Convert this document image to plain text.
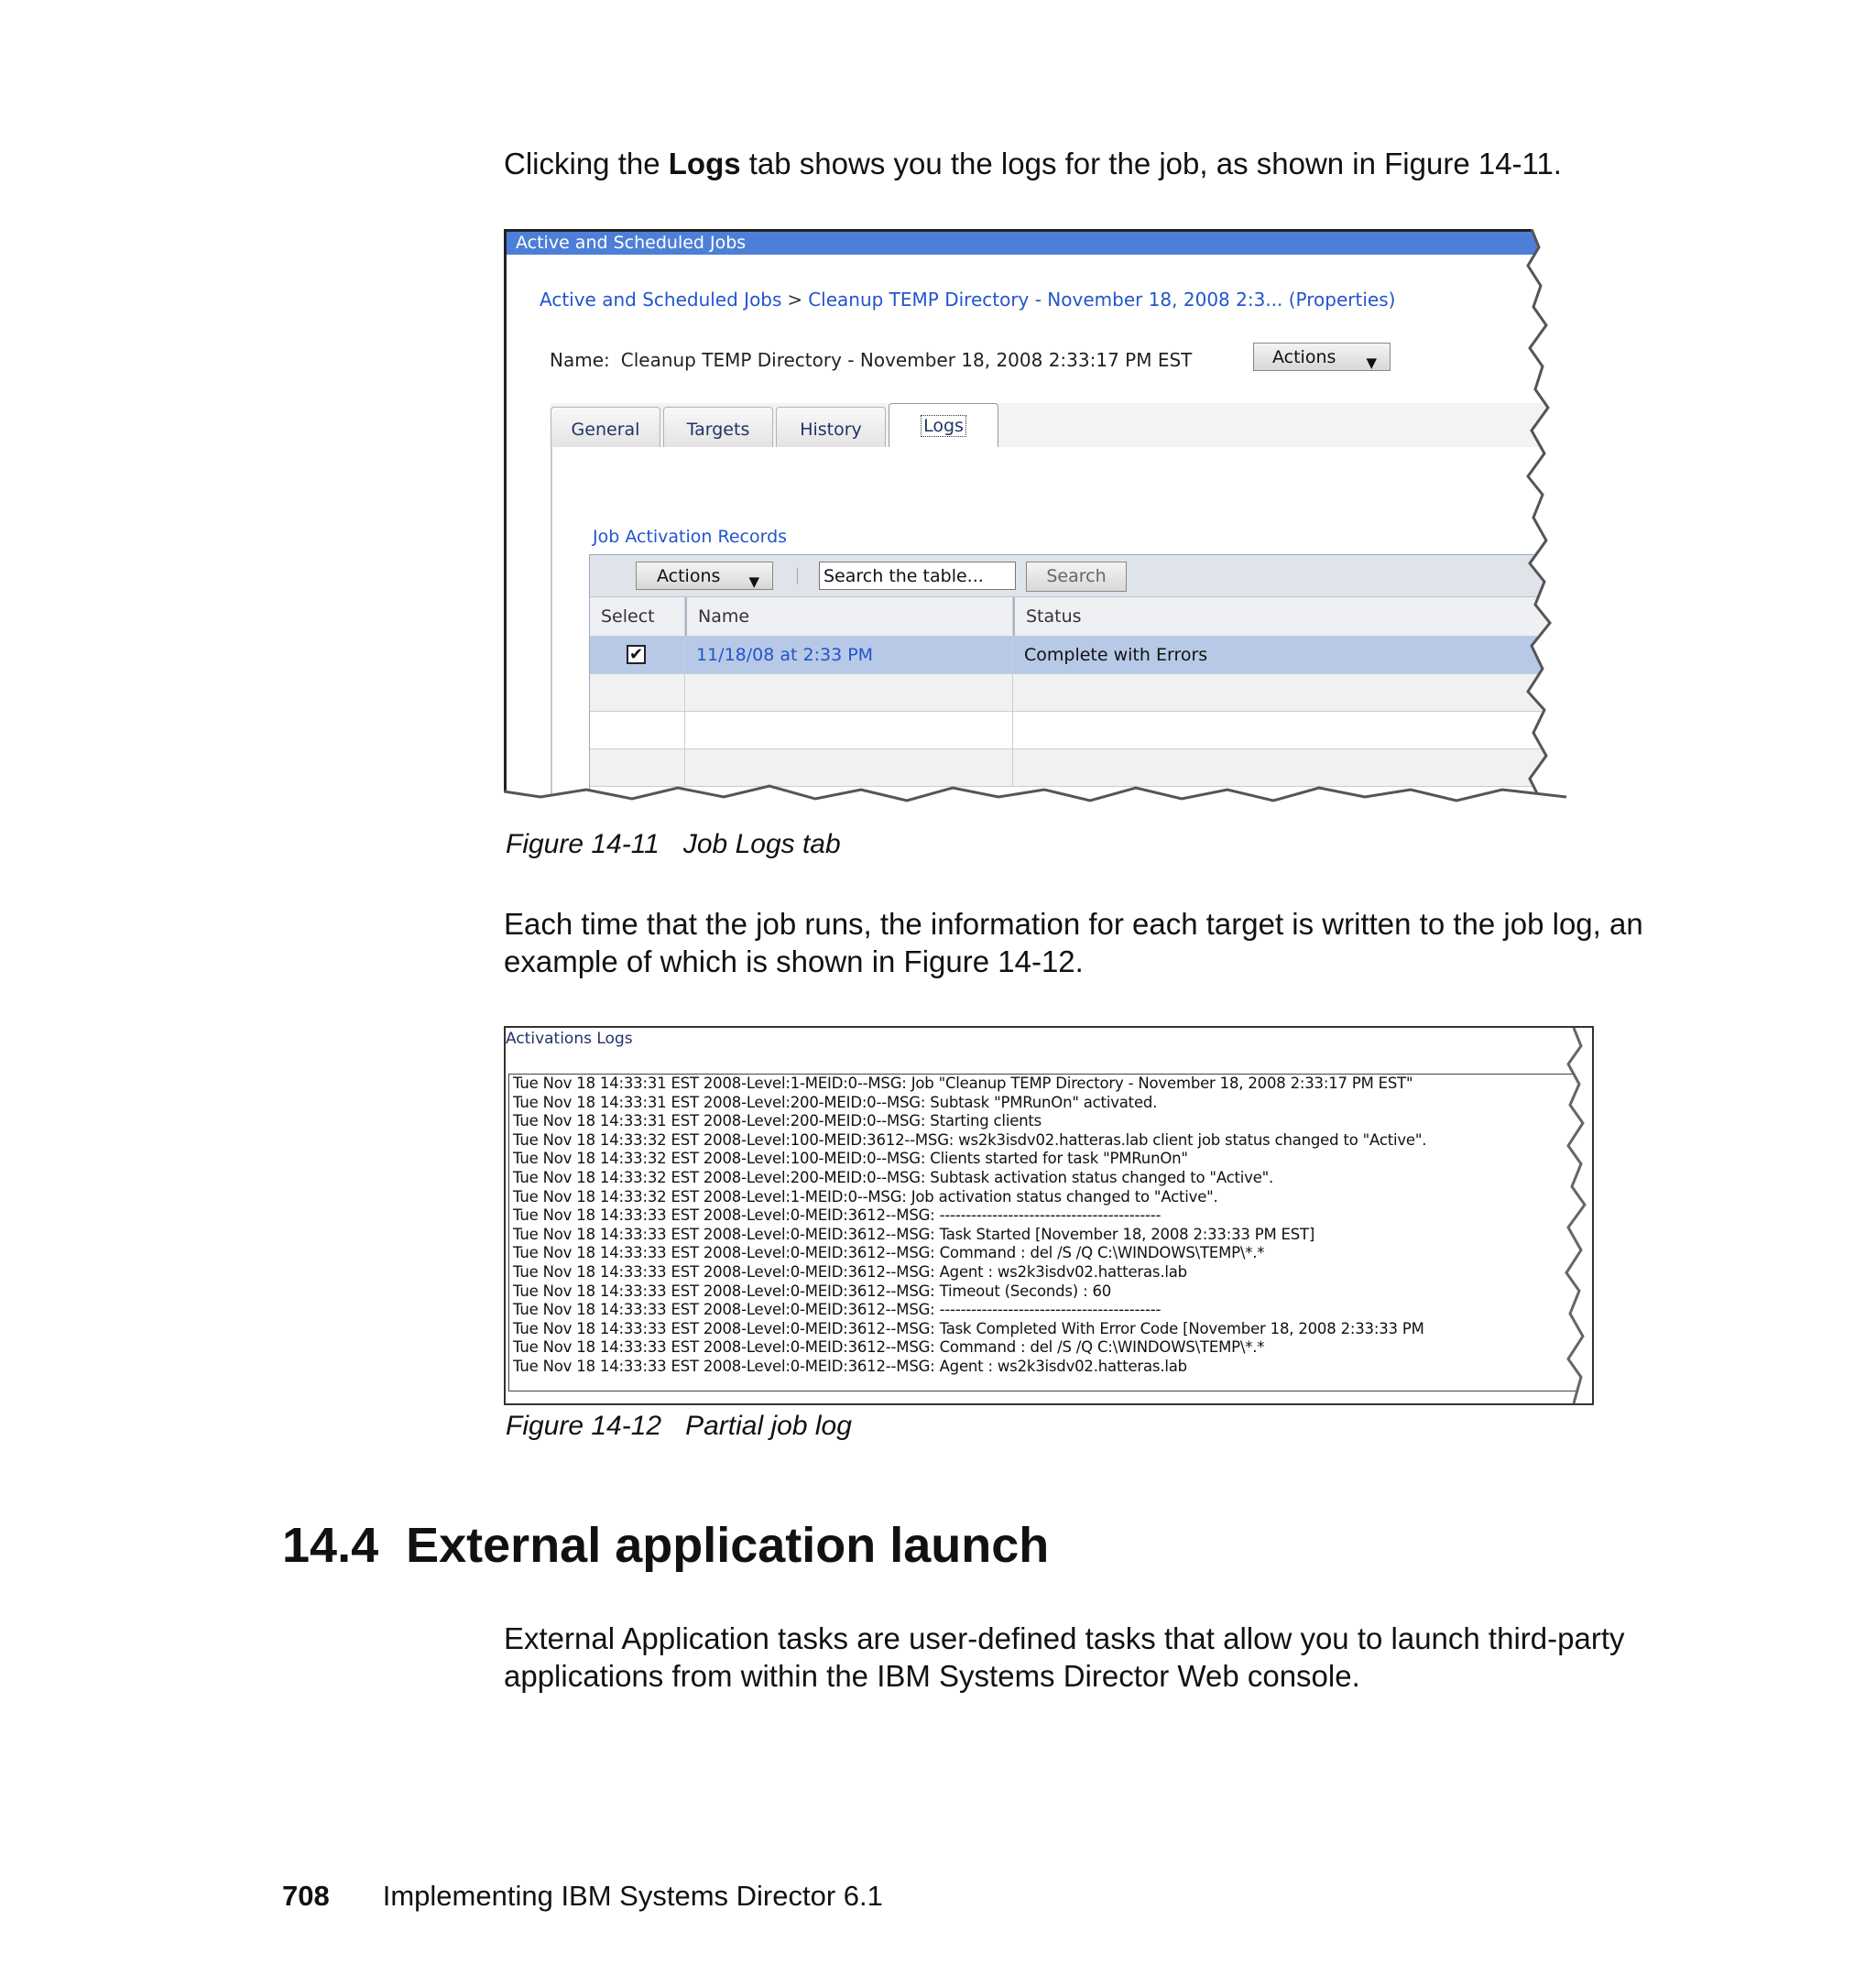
Clicking the Logs tab shows you the logs for the job, as shown in Figure 14-11.

Active and Scheduled Jobs
Active and Scheduled Jobs > Cleanup TEMP Directory - November 18, 2008 2:3... (Properties)
Name: Cleanup TEMP Directory - November 18, 2008 2:33:17 PM EST	Actions ▼
General	Targets	History	Logs
Job Activation Records
Actions ▼	Search the table...	Search
Select	Name	Status
✔	11/18/08 at 2:33 PM	Complete with Errors

Figure 14-11 Job Logs tab

Each time that the job runs, the information for each target is written to the job log, an example of which is shown in Figure 14-12.

Activations Logs
Tue Nov 18 14:33:31 EST 2008-Level:1-MEID:0--MSG: Job "Cleanup TEMP Directory - November 18, 2008 2:33:17 PM EST"
Tue Nov 18 14:33:31 EST 2008-Level:200-MEID:0--MSG: Subtask "PMRunOn" activated.
Tue Nov 18 14:33:31 EST 2008-Level:200-MEID:0--MSG: Starting clients
Tue Nov 18 14:33:32 EST 2008-Level:100-MEID:3612--MSG: ws2k3isdv02.hatteras.lab client job status changed to "Active".
Tue Nov 18 14:33:32 EST 2008-Level:100-MEID:0--MSG: Clients started for task "PMRunOn"
Tue Nov 18 14:33:32 EST 2008-Level:200-MEID:0--MSG: Subtask activation status changed to "Active".
Tue Nov 18 14:33:32 EST 2008-Level:1-MEID:0--MSG: Job activation status changed to "Active".
Tue Nov 18 14:33:33 EST 2008-Level:0-MEID:3612--MSG: ------------------------------------------
Tue Nov 18 14:33:33 EST 2008-Level:0-MEID:3612--MSG: Task Started [November 18, 2008 2:33:33 PM EST]
Tue Nov 18 14:33:33 EST 2008-Level:0-MEID:3612--MSG: Command : del /S /Q C:\WINDOWS\TEMP\*.*
Tue Nov 18 14:33:33 EST 2008-Level:0-MEID:3612--MSG: Agent : ws2k3isdv02.hatteras.lab
Tue Nov 18 14:33:33 EST 2008-Level:0-MEID:3612--MSG: Timeout (Seconds) : 60
Tue Nov 18 14:33:33 EST 2008-Level:0-MEID:3612--MSG: ------------------------------------------
Tue Nov 18 14:33:33 EST 2008-Level:0-MEID:3612--MSG: Task Completed With Error Code [November 18, 2008 2:33:33 PM
Tue Nov 18 14:33:33 EST 2008-Level:0-MEID:3612--MSG: Command : del /S /Q C:\WINDOWS\TEMP\*.*
Tue Nov 18 14:33:33 EST 2008-Level:0-MEID:3612--MSG: Agent : ws2k3isdv02.hatteras.lab

Figure 14-12 Partial job log

14.4 External application launch

External Application tasks are user-defined tasks that allow you to launch third-party applications from within the IBM Systems Director Web console.

708 Implementing IBM Systems Director 6.1
